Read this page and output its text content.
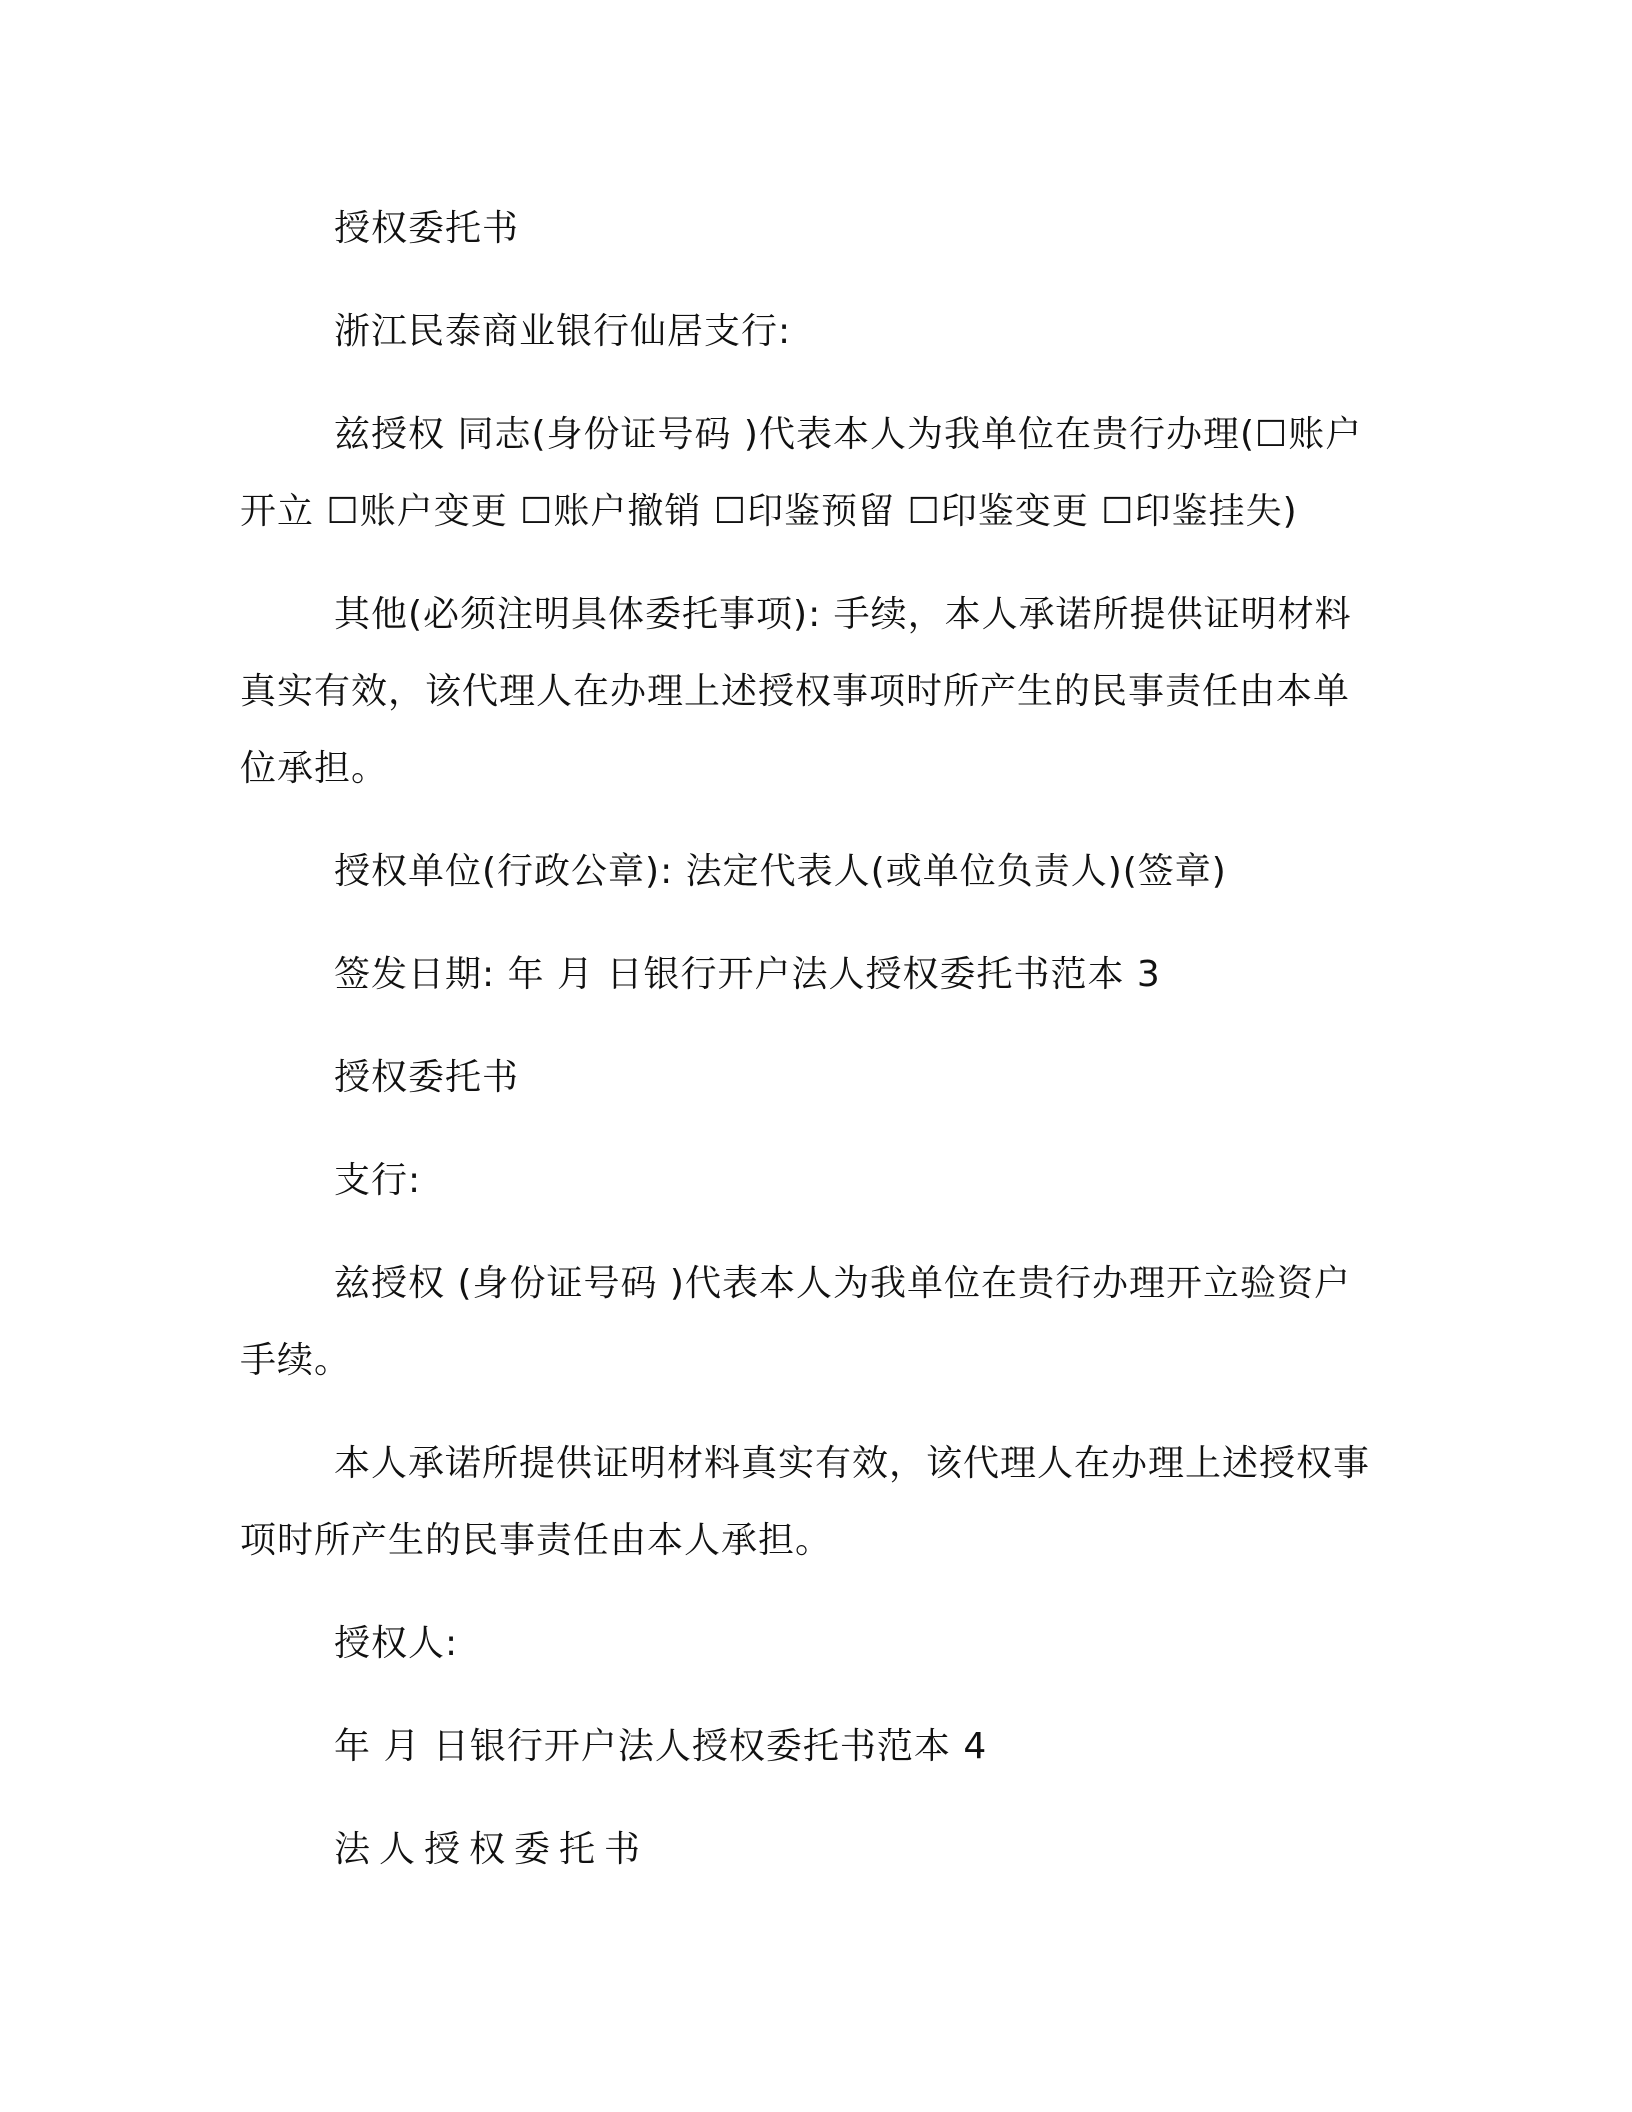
授权委托书

浙江民泰商业银行仙居支行:

兹授权 同志(身份证号码 )代表本人为我单位在贵行办理(☐账户开立 ☐账户变更 ☐账户撤销 ☐印鉴预留 ☐印鉴变更 ☐印鉴挂失)

其他(必须注明具体委托事项): 手续，本人承诺所提供证明材料真实有效，该代理人在办理上述授权事项时所产生的民事责任由本单位承担。

授权单位(行政公章): 法定代表人(或单位负责人)(签章)

签发日期: 年 月 日银行开户法人授权委托书范本 3

授权委托书

支行:

兹授权 (身份证号码 )代表本人为我单位在贵行办理开立验资户手续。

本人承诺所提供证明材料真实有效，该代理人在办理上述授权事项时所产生的民事责任由本人承担。

授权人:

年 月 日银行开户法人授权委托书范本 4

法人授权委托书
